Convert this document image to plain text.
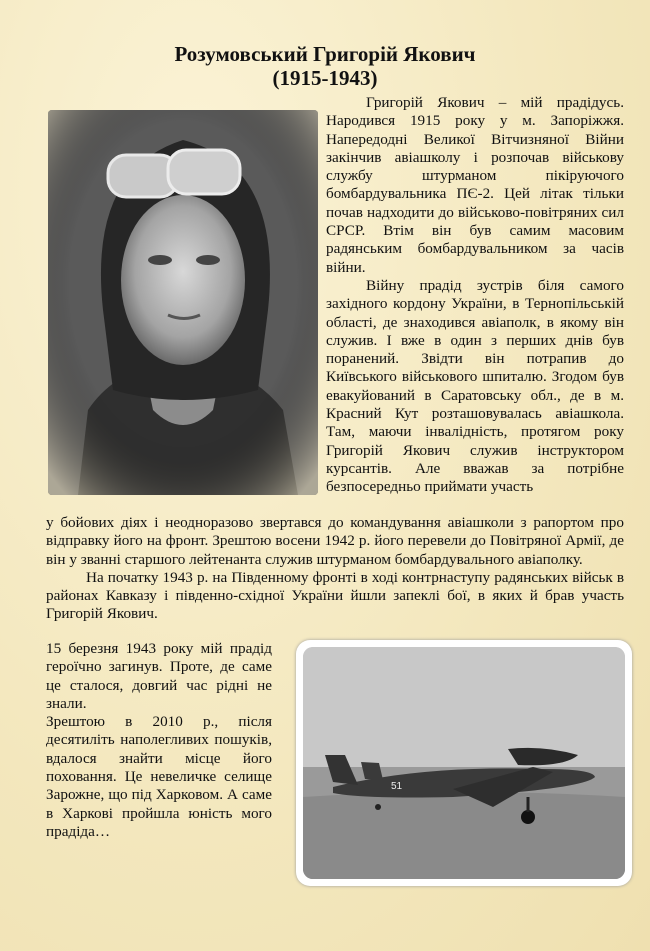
Розумовський Григорій Якович
(1915-1943)

Григорій Якович – мій прадідусь. Народився 1915 року у м. Запоріжжя. Напередодні Великої Вітчизняної Війни закінчив авіашколу і розпочав військову службу штурманом пікіруючого бомбардувальника ПЄ-2. Цей літак тільки почав надходити до військово-повітряних сил СРСР. Втім він був самим масовим радянським бомбардувальником за часів війни.

Війну прадід зустрів біля самого західного кордону України, в Тернопільській області, де знаходився авіаполк, в якому він служив. І вже в один з перших днів був поранений. Звідти він потрапив до Київського військового шпиталю. Згодом був евакуйований в Саратовську обл., де в м. Красний Кут розташовувалась авіашкола. Там, маючи інвалідність, протягом року Григорій Якович служив інструктором курсантів. Але вважав за потрібне безпосередньо приймати участь

у бойових діях і неодноразово звертався до командування авіашколи з рапортом про відправку його на фронт. Зрештою восени 1942 р. його перевели до Повітряної Армії, де він у званні старшого лейтенанта служив штурманом бомбардувального авіаполку.

На початку 1943 р. на Південному фронті в ході контрнаступу радянських військ в районах Кавказу і південно-східної України йшли запеклі бої, в яких й брав участь Григорій Якович.

15 березня 1943 року мій прадід героїчно загинув. Проте, де саме це сталося, довгий час рідні не знали.

Зрештою в 2010 р., після десятиліть наполегливих пошуків, вдалося знайти місце його поховання. Це невеличке селище Зарожне, що під Харковом. А саме в Харкові пройшла юність мого прадіда…

51
